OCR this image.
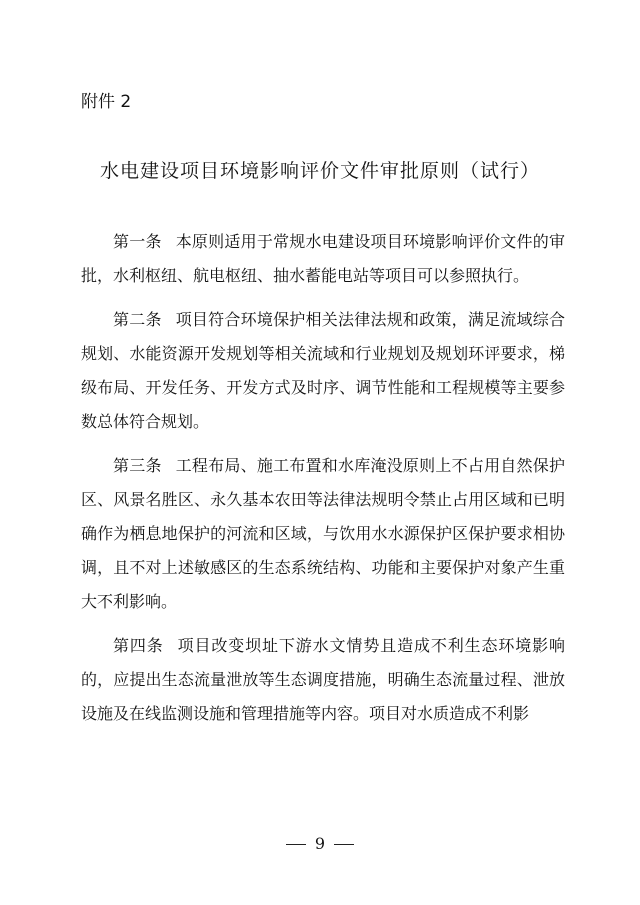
附件 2
水电建设项目环境影响评价文件审批原则（试行）

第一条 本原则适用于常规水电建设项目环境影响评价文件的审批，水利枢纽、航电枢纽、抽水蓄能电站等项目可以参照执行。

第二条 项目符合环境保护相关法律法规和政策，满足流域综合规划、水能资源开发规划等相关流域和行业规划及规划环评要求，梯级布局、开发任务、开发方式及时序、调节性能和工程规模等主要参数总体符合规划。

第三条 工程布局、施工布置和水库淹没原则上不占用自然保护区、风景名胜区、永久基本农田等法律法规明令禁止占用区域和已明确作为栖息地保护的河流和区域，与饮用水水源保护区保护要求相协调，且不对上述敏感区的生态系统结构、功能和主要保护对象产生重大不利影响。

第四条 项目改变坝址下游水文情势且造成不利生态环境影响的，应提出生态流量泄放等生态调度措施，明确生态流量过程、泄放设施及在线监测设施和管理措施等内容。项目对水质造成不利影

9
